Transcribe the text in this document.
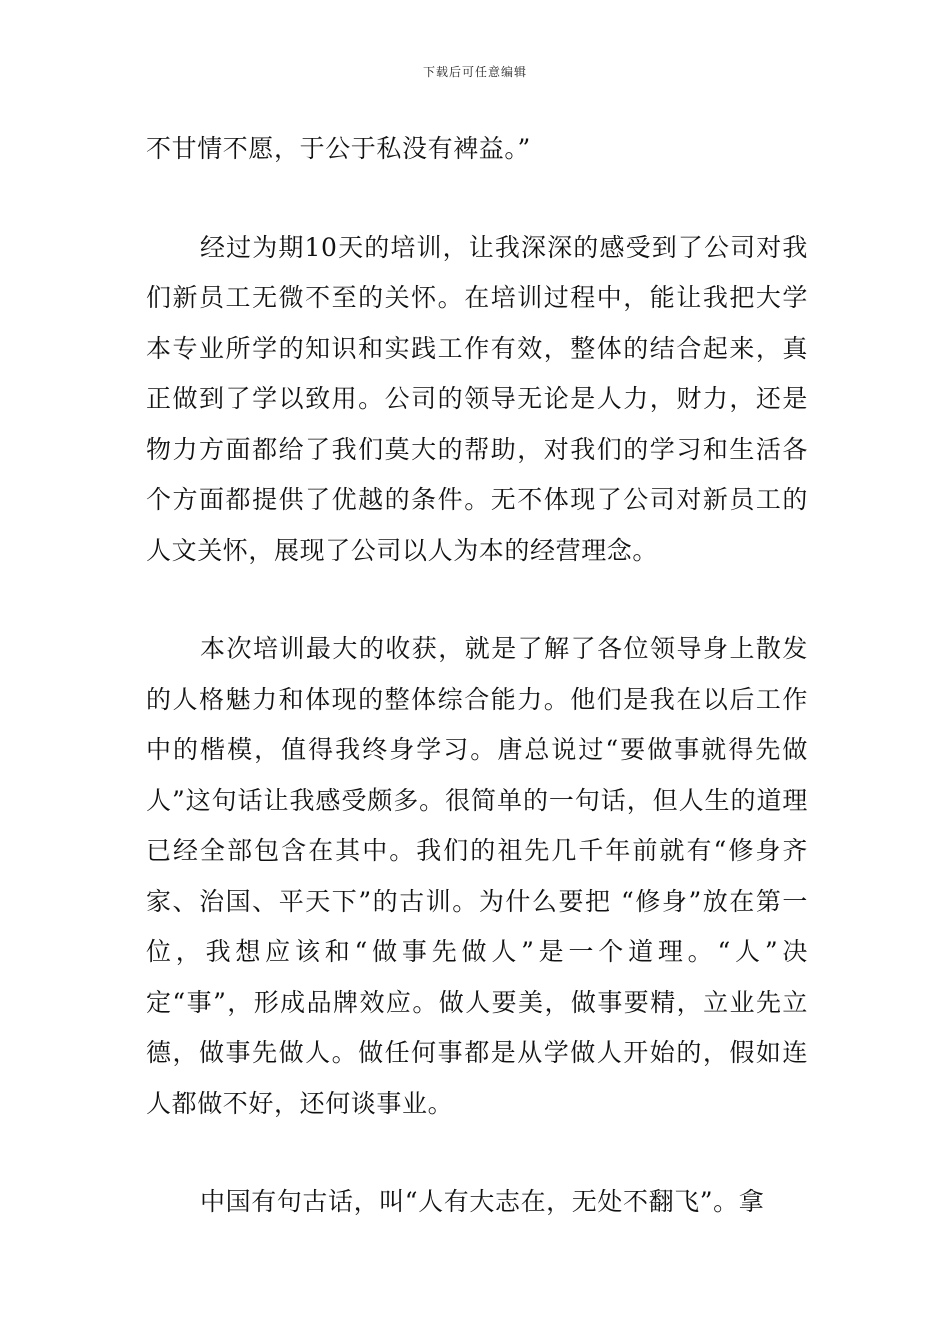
下载后可任意编辑

不甘情不愿，于公于私没有裨益。”

经过为期10天的培训，让我深深的感受到了公司对我们新员工无微不至的关怀。在培训过程中，能让我把大学本专业所学的知识和实践工作有效，整体的结合起来，真正做到了学以致用。公司的领导无论是人力，财力，还是物力方面都给了我们莫大的帮助，对我们的学习和生活各个方面都提供了优越的条件。无不体现了公司对新员工的人文关怀，展现了公司以人为本的经营理念。

本次培训最大的收获，就是了解了各位领导身上散发的人格魅力和体现的整体综合能力。他们是我在以后工作中的楷模，值得我终身学习。唐总说过“要做事就得先做人”这句话让我感受颇多。很简单的一句话，但人生的道理已经全部包含在其中。我们的祖先几千年前就有“修身齐家、治国、平天下”的古训。为什么要把 “修身”放在第一位，我想应该和“做事先做人”是一个道理。“人”决定“事”，形成品牌效应。做人要美，做事要精，立业先立德，做事先做人。做任何事都是从学做人开始的，假如连人都做不好，还何谈事业。

中国有句古话，叫“人有大志在，无处不翻飞”。拿
